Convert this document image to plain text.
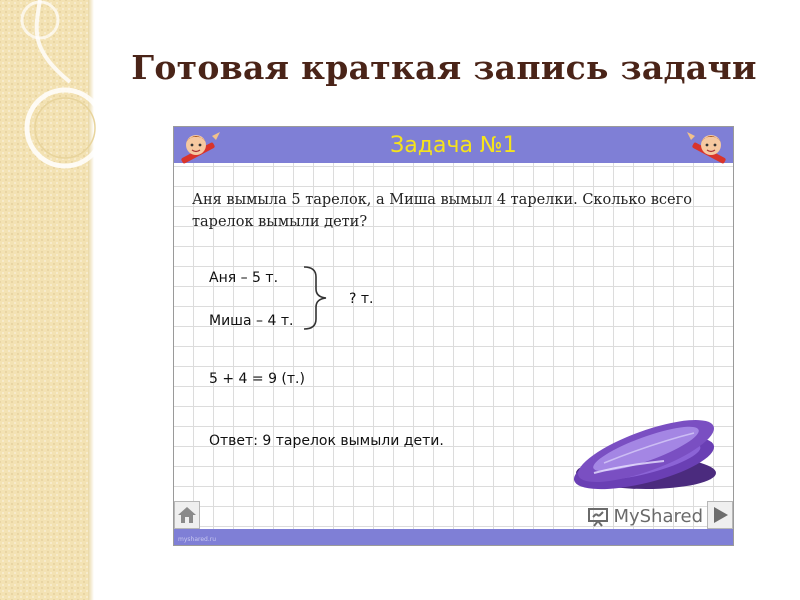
Готовая краткая запись задачи
Задача №1
Аня вымыла 5 тарелок, а Миша вымыл 4 тарелки. Сколько всего тарелок вымыли дети?
Аня – 5 т.
Миша – 4 т.
? т.
5 + 4 = 9 (т.)
Ответ: 9 тарелок вымыли дети.
MyShared
myshared.ru
